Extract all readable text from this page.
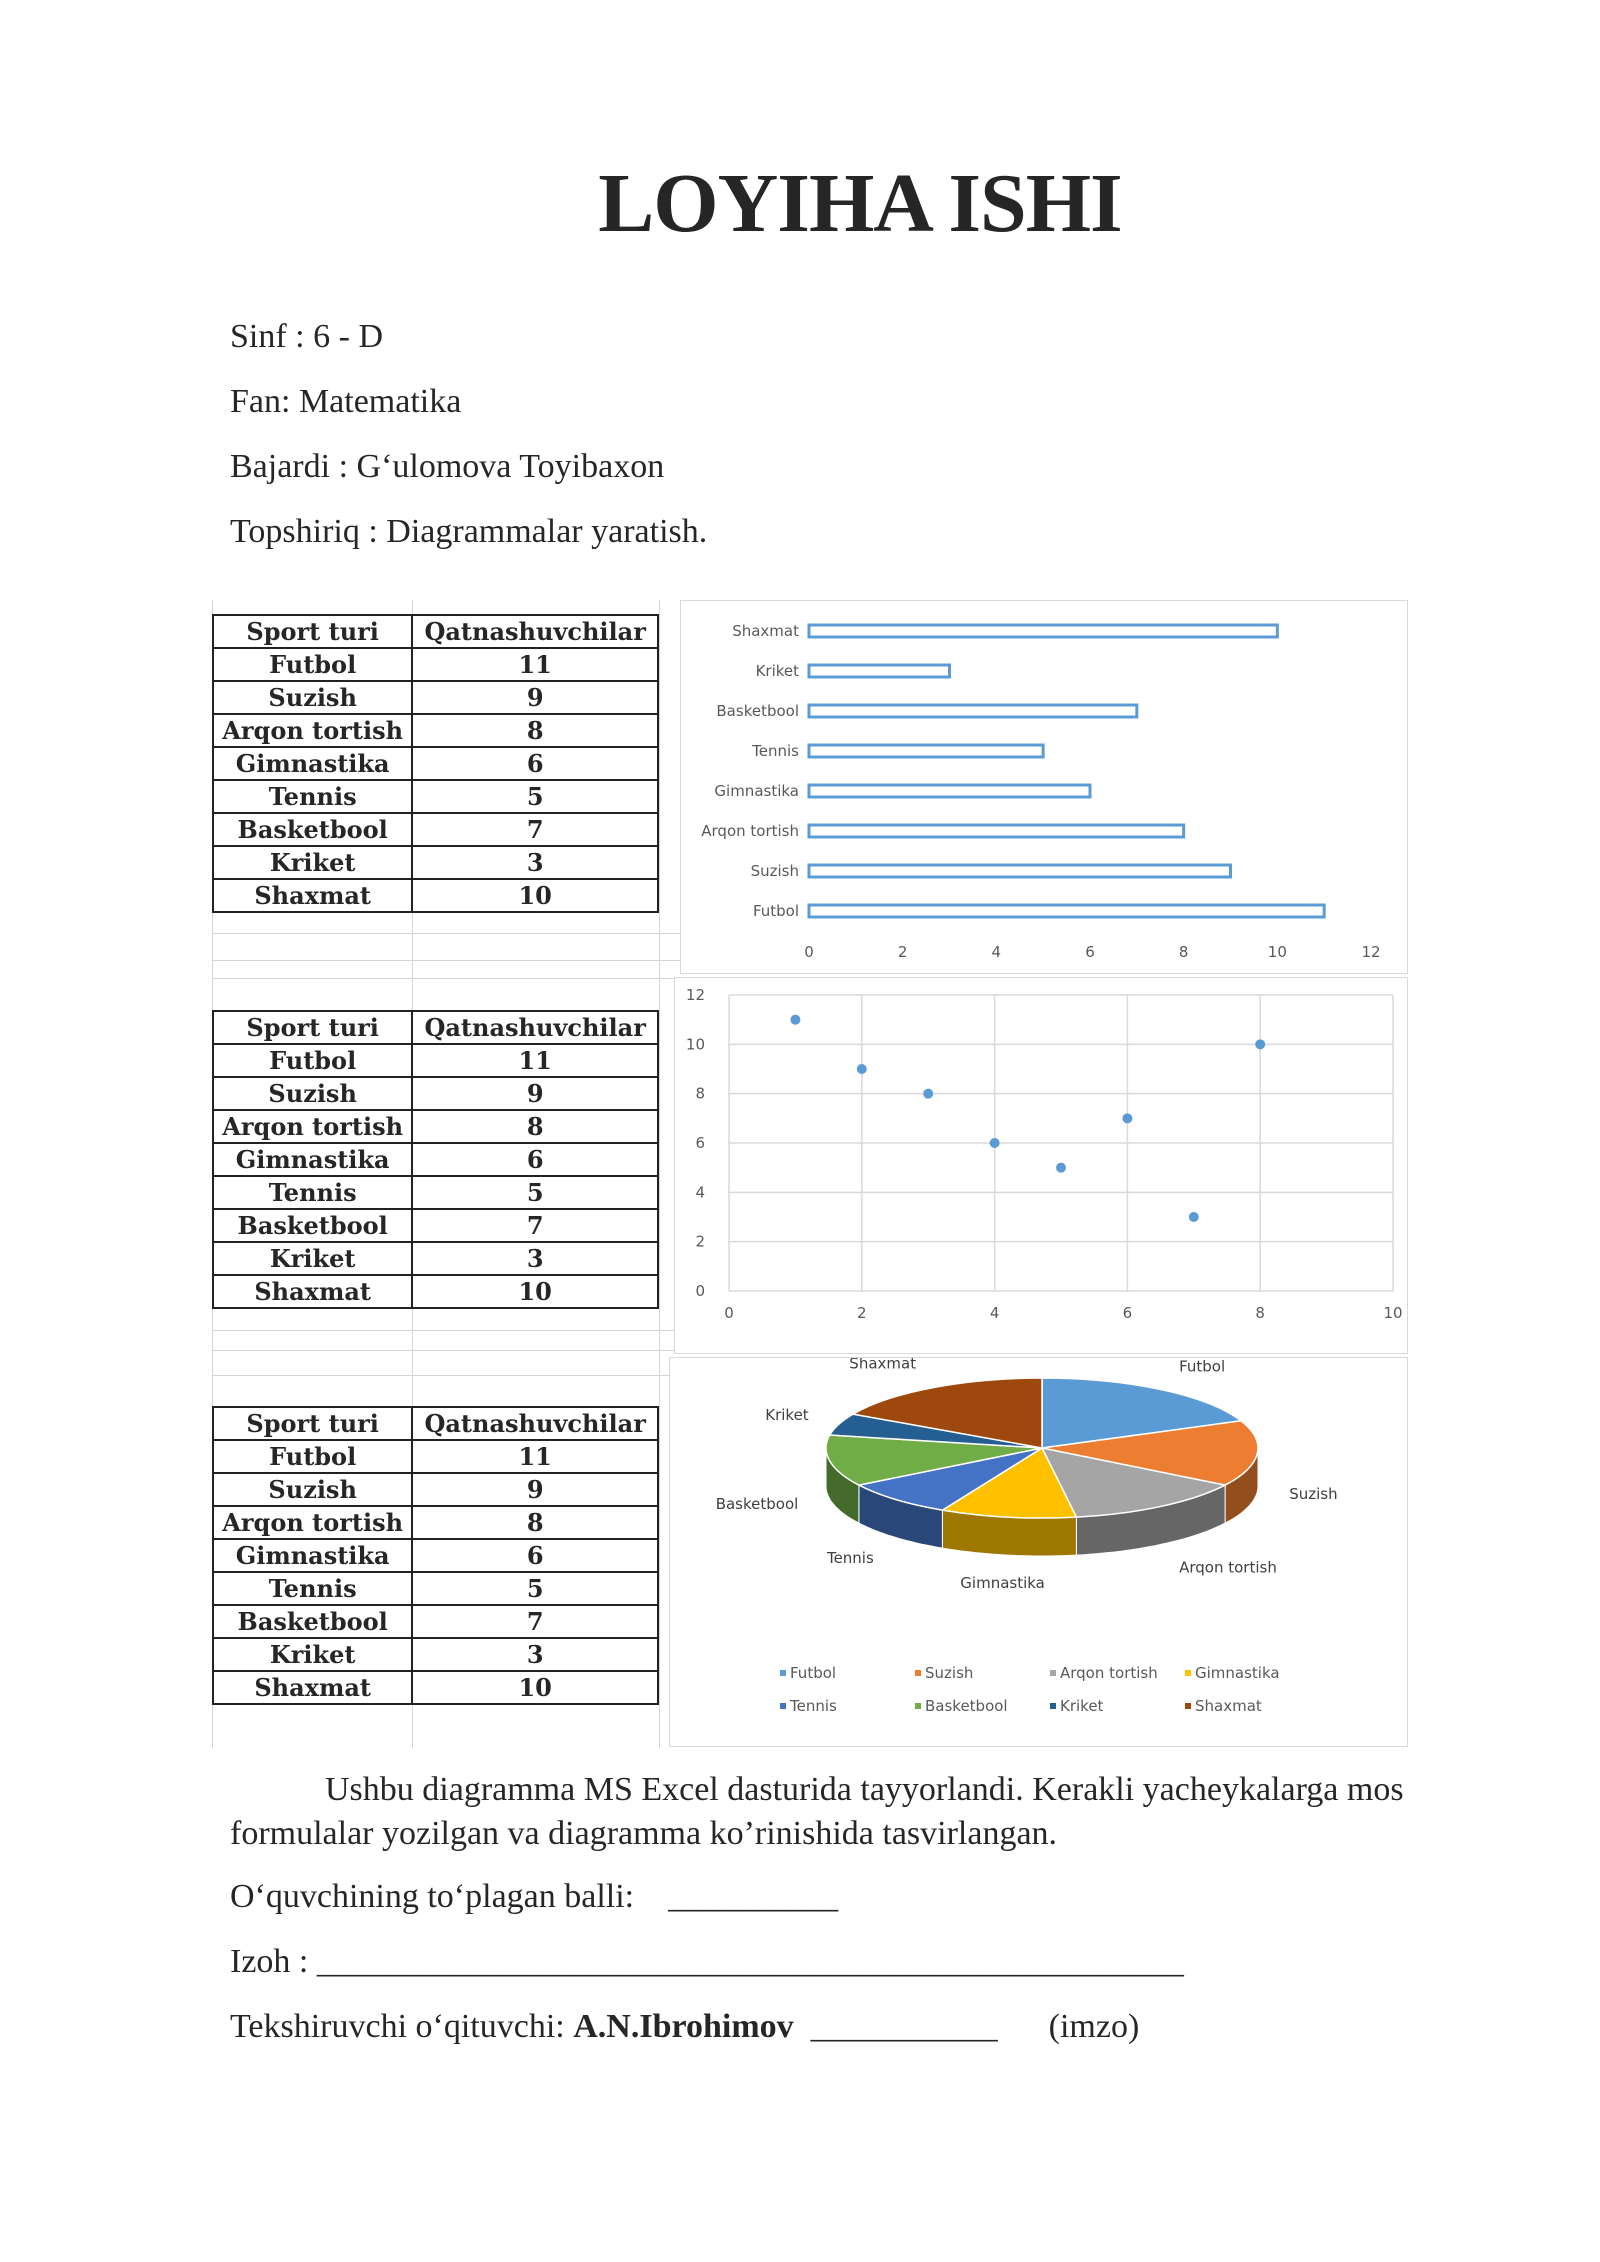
LOYIHA ISHI
Sinf : 6 - D
Fan: Matematika
Bajardi : G‘ulomova Toyibaxon
Topshiriq : Diagrammalar yaratish.
Sport turi	Qatnashuvchilar
Futbol	11
Suzish	9
Arqon tortish	8
Gimnastika	6
Tennis	5
Basketbool	7
Kriket	3
Shaxmat	10
Sport turi	Qatnashuvchilar
Futbol	11
Suzish	9
Arqon tortish	8
Gimnastika	6
Tennis	5
Basketbool	7
Kriket	3
Shaxmat	10
Sport turi	Qatnashuvchilar
Futbol	11
Suzish	9
Arqon tortish	8
Gimnastika	6
Tennis	5
Basketbool	7
Kriket	3
Shaxmat	10
Shaxmat
Kriket
Basketbool
Tennis
Gimnastika
Arqon tortish
Suzish
Futbol
0	2	4	6	8	10	12
0	2	4	6	8	10
0
2
4
6
8
10
12
Futbol
Suzish
Arqon tortish
Gimnastika
Tennis
Basketbool
Kriket
Shaxmat
Futbol	Suzish	Arqon tortish Gimnastika
Tennis	Basketbool	Kriket	Shaxmat
Ushbu diagramma MS Excel dasturida tayyorlandi. Kerakli yacheykalarga mos formulalar yozilgan va diagramma ko’rinishida tasvirlangan.
O‘quvchining to‘plagan balli: __________
Izoh : ___________________________________________________
Tekshiruvchi o‘qituvchi: A.N.Ibrohimov ___________ (imzo)
